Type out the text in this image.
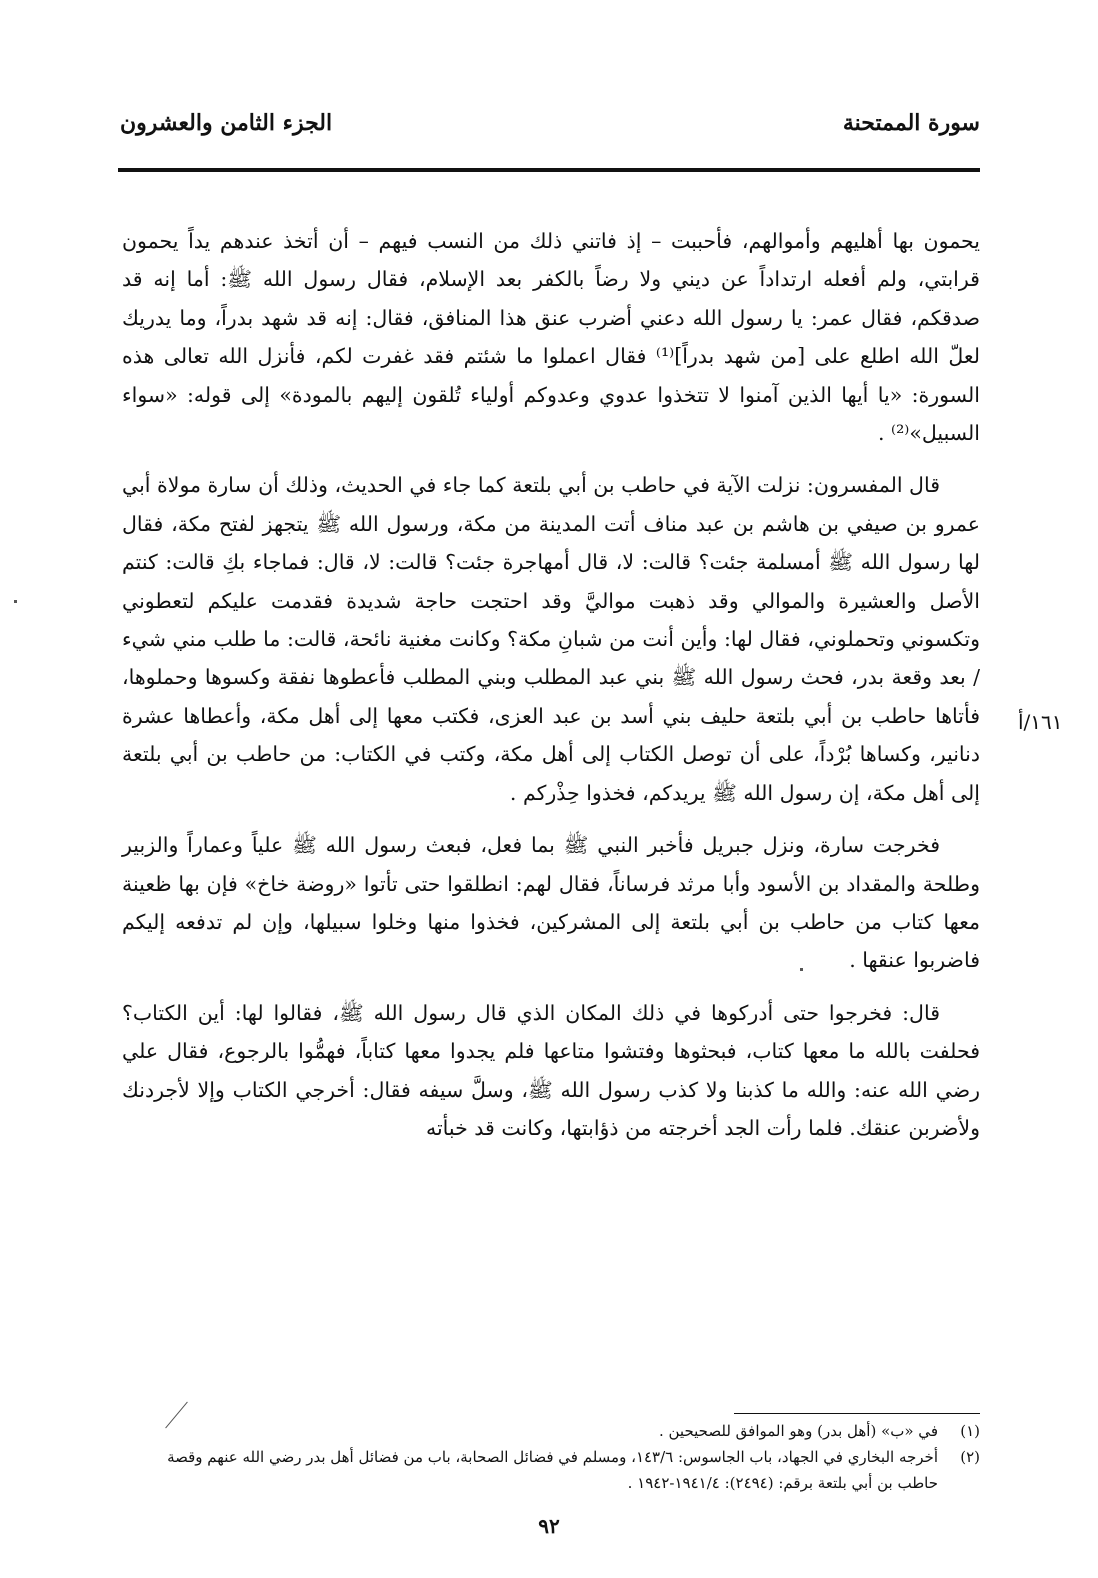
سورة الممتحنة
الجزء الثامن والعشرون

يحمون بها أهليهم وأموالهم، فأحببت – إذ فاتني ذلك من النسب فيهم – أن أتخذ عندهم يداً يحمون قرابتي، ولم أفعله ارتداداً عن ديني ولا رضاً بالكفر بعد الإسلام، فقال رسول الله ﷺ: أما إنه قد صدقكم، فقال عمر: يا رسول الله دعني أضرب عنق هذا المنافق، فقال: إنه قد شهد بدراً، وما يدريك لعلّ الله اطلع على [من شهد بدراً]⁽¹⁾ فقال اعملوا ما شئتم فقد غفرت لكم، فأنزل الله تعالى هذه السورة: «يا أيها الذين آمنوا لا تتخذوا عدوي وعدوكم أولياء تُلقون إليهم بالمودة» إلى قوله: «سواء السبيل»⁽²⁾ .

قال المفسرون: نزلت الآية في حاطب بن أبي بلتعة كما جاء في الحديث، وذلك أن سارة مولاة أبي عمرو بن صيفي بن هاشم بن عبد مناف أتت المدينة من مكة، ورسول الله ﷺ يتجهز لفتح مكة، فقال لها رسول الله ﷺ أمسلمة جئت؟ قالت: لا، قال أمهاجرة جئت؟ قالت: لا، قال: فماجاء بكِ قالت: كنتم الأصل والعشيرة والموالي وقد ذهبت مواليَّ وقد احتجت حاجة شديدة فقدمت عليكم لتعطوني وتكسوني وتحملوني، فقال لها: وأين أنت من شبانِ مكة؟ وكانت مغنية نائحة، قالت: ما طلب مني شيء / بعد وقعة بدر، فحث رسول الله ﷺ بني عبد المطلب وبني المطلب فأعطوها نفقة وكسوها وحملوها، فأتاها حاطب بن أبي بلتعة حليف بني أسد بن عبد العزى، فكتب معها إلى أهل مكة، وأعطاها عشرة دنانير، وكساها بُرْداً، على أن توصل الكتاب إلى أهل مكة، وكتب في الكتاب: من حاطب بن أبي بلتعة إلى أهل مكة، إن رسول الله ﷺ يريدكم، فخذوا حِذْركم .

فخرجت سارة، ونزل جبريل فأخبر النبي ﷺ بما فعل، فبعث رسول الله ﷺ علياً وعماراً والزبير وطلحة والمقداد بن الأسود وأبا مرثد فرساناً، فقال لهم: انطلقوا حتى تأتوا «روضة خاخ» فإن بها ظعينة معها كتاب من حاطب بن أبي بلتعة إلى المشركين، فخذوا منها وخلوا سبيلها، وإن لم تدفعه إليكم فاضربوا عنقها .

قال: فخرجوا حتى أدركوها في ذلك المكان الذي قال رسول الله ﷺ، فقالوا لها: أين الكتاب؟ فحلفت بالله ما معها كتاب، فبحثوها وفتشوا متاعها فلم يجدوا معها كتاباً، فهمُّوا بالرجوع، فقال علي رضي الله عنه: والله ما كذبنا ولا كذب رسول الله ﷺ، وسلَّ سيفه فقال: أخرجي الكتاب وإلا لأجردنك ولأضربن عنقك. فلما رأت الجد أخرجته من ذؤابتها، وكانت قد خبأته

١٦١/أ

(١)
في «ب» (أهل بدر) وهو الموافق للصحيحين .

(٢)
أخرجه البخاري في الجهاد، باب الجاسوس: ١٤٣/٦، ومسلم في فضائل الصحابة، باب من فضائل أهل بدر رضي الله عنهم وقصة حاطب بن أبي بلتعة برقم: (٢٤٩٤): ١٩٤١/٤-١٩٤٢ .

٩٢
